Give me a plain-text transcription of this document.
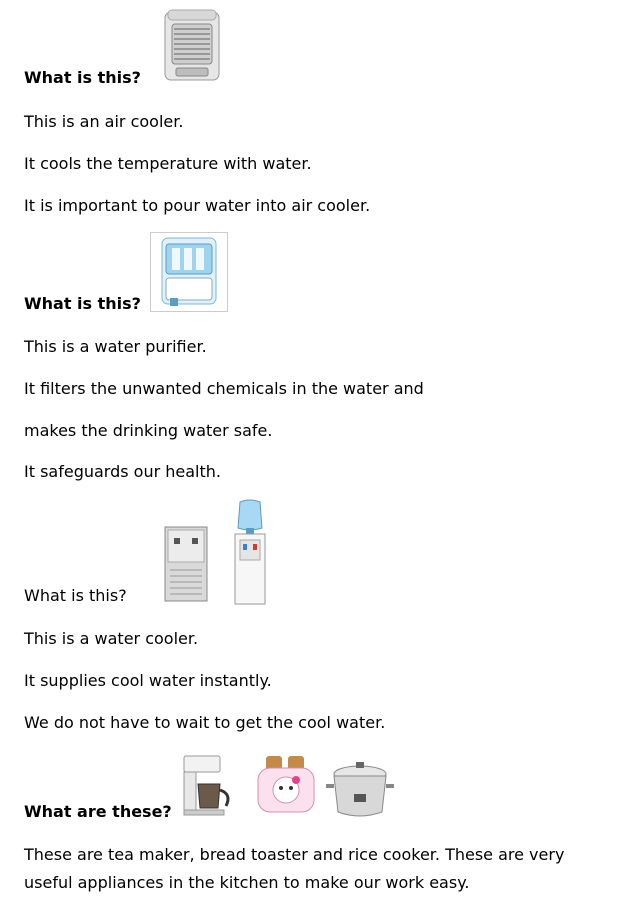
What is this?
This is an air cooler.
It cools the temperature with water.
It is important to pour water into air cooler.
What is this?
This is a water purifier.
It filters the unwanted chemicals in the water and
makes the drinking water safe.
It safeguards our health.
What is this?
This is a water cooler.
It supplies cool water instantly.
We do not have to wait to get the cool water.
What are these?
These are tea maker, bread toaster and rice cooker. These are very
useful appliances in the kitchen to make our work easy.
